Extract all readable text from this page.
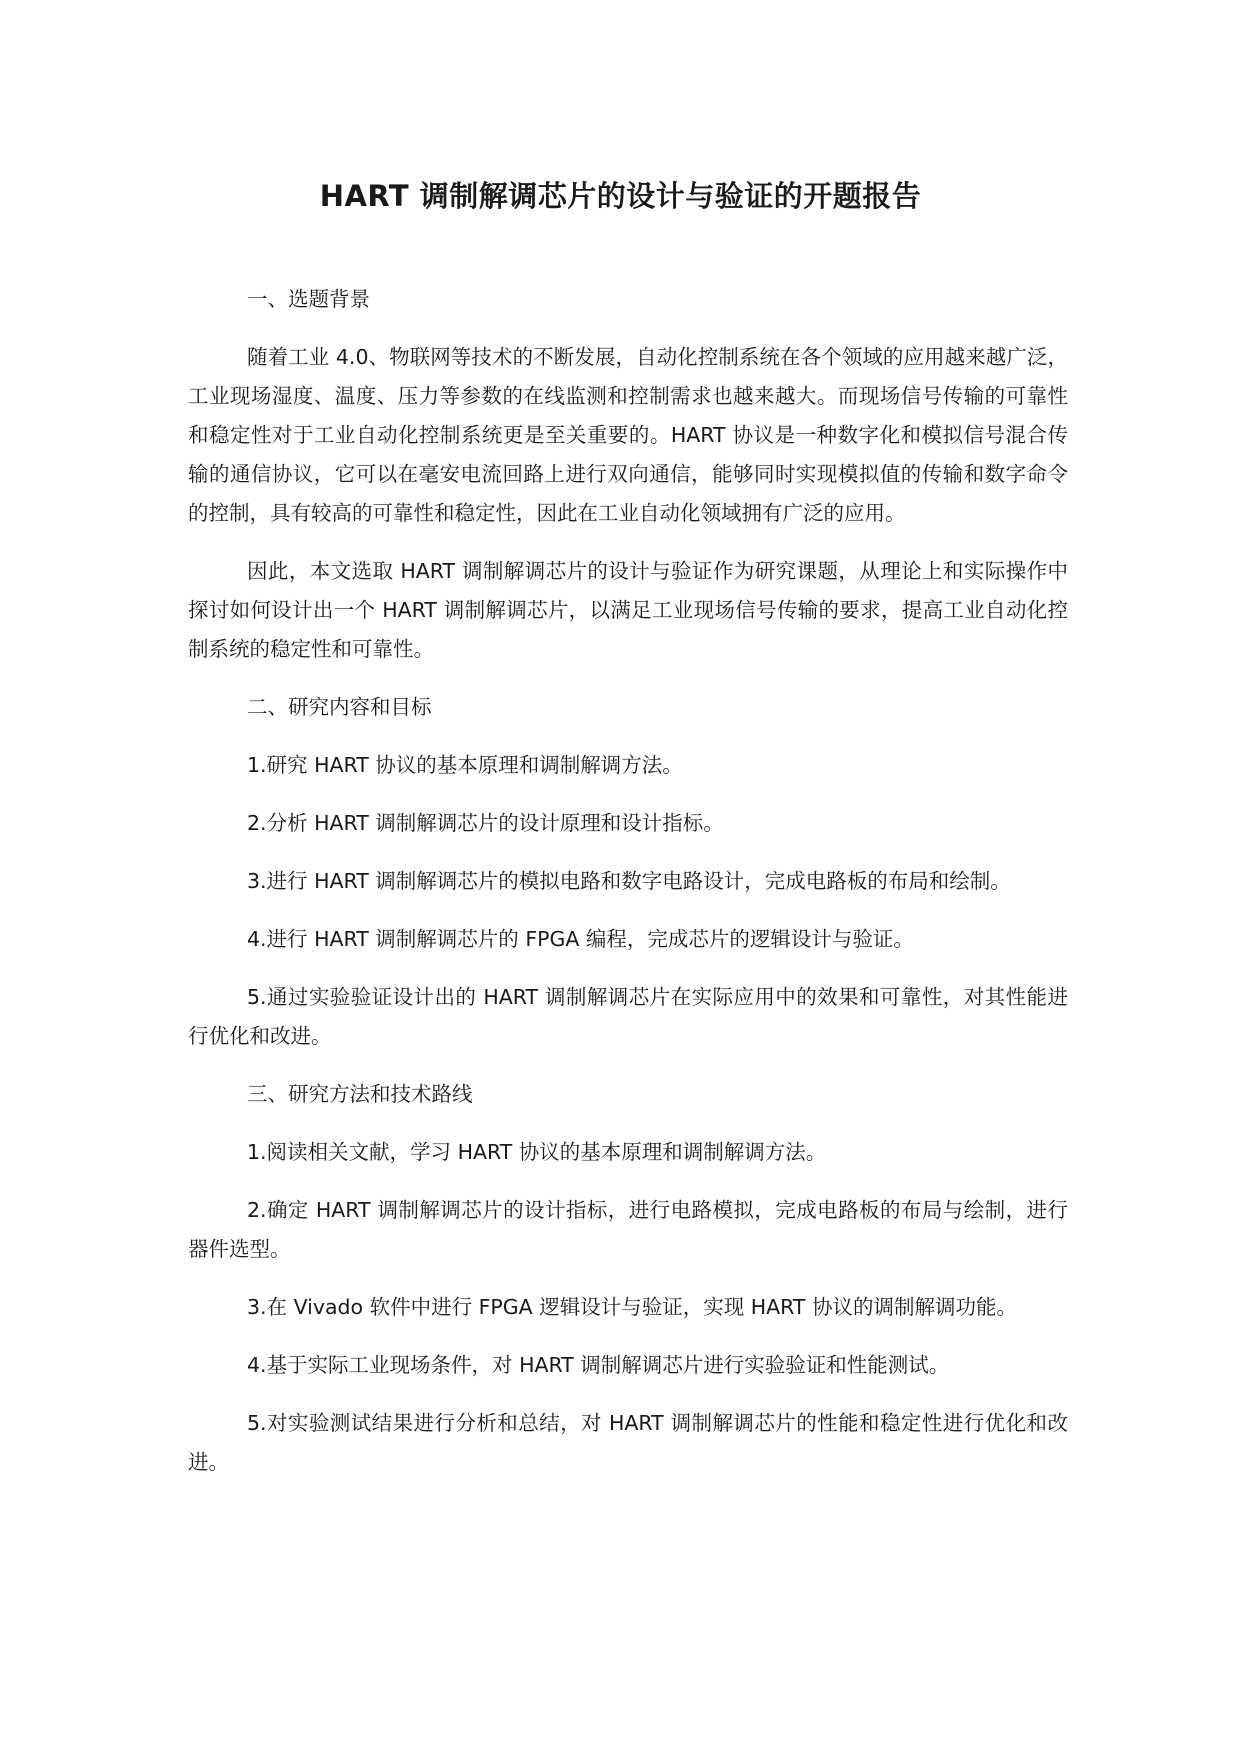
HART 调制解调芯片的设计与验证的开题报告

一、选题背景

随着工业 4.0、物联网等技术的不断发展，自动化控制系统在各个领域的应用越来越广泛，工业现场湿度、温度、压力等参数的在线监测和控制需求也越来越大。而现场信号传输的可靠性和稳定性对于工业自动化控制系统更是至关重要的。HART 协议是一种数字化和模拟信号混合传输的通信协议，它可以在毫安电流回路上进行双向通信，能够同时实现模拟值的传输和数字命令的控制，具有较高的可靠性和稳定性，因此在工业自动化领域拥有广泛的应用。

因此，本文选取 HART 调制解调芯片的设计与验证作为研究课题，从理论上和实际操作中探讨如何设计出一个 HART 调制解调芯片，以满足工业现场信号传输的要求，提高工业自动化控制系统的稳定性和可靠性。

二、研究内容和目标

1.研究 HART 协议的基本原理和调制解调方法。

2.分析 HART 调制解调芯片的设计原理和设计指标。

3.进行 HART 调制解调芯片的模拟电路和数字电路设计，完成电路板的布局和绘制。

4.进行 HART 调制解调芯片的 FPGA 编程，完成芯片的逻辑设计与验证。

5.通过实验验证设计出的 HART 调制解调芯片在实际应用中的效果和可靠性，对其性能进行优化和改进。

三、研究方法和技术路线

1.阅读相关文献，学习 HART 协议的基本原理和调制解调方法。

2.确定 HART 调制解调芯片的设计指标，进行电路模拟，完成电路板的布局与绘制，进行器件选型。

3.在 Vivado 软件中进行 FPGA 逻辑设计与验证，实现 HART 协议的调制解调功能。

4.基于实际工业现场条件，对 HART 调制解调芯片进行实验验证和性能测试。

5.对实验测试结果进行分析和总结，对 HART 调制解调芯片的性能和稳定性进行优化和改进。
